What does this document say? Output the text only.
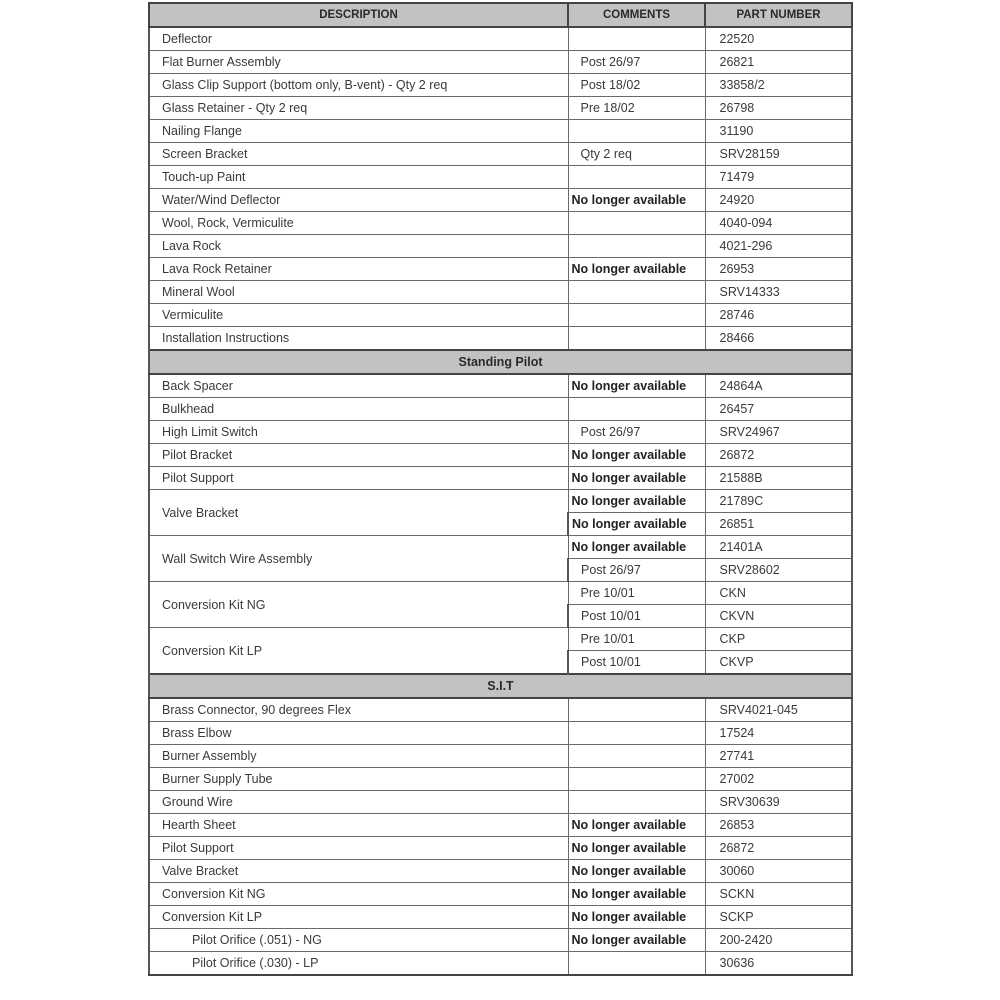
DESCRIPTION	COMMENTS	PART NUMBER
Deflector		22520
Flat Burner Assembly	Post 26/97	26821
Glass Clip Support (bottom only, B-vent) - Qty 2 req	Post 18/02	33858/2
Glass Retainer - Qty 2 req	Pre 18/02	26798
Nailing Flange		31190
Screen Bracket	Qty 2 req	SRV28159
Touch-up Paint		71479
Water/Wind Deflector	No longer available	24920
Wool, Rock, Vermiculite		4040-094
Lava Rock		4021-296
Lava Rock Retainer	No longer available	26953
Mineral Wool		SRV14333
Vermiculite		28746
Installation Instructions		28466
Standing Pilot		
Back Spacer	No longer available	24864A
Bulkhead		26457
High Limit Switch	Post 26/97	SRV24967
Pilot Bracket	No longer available	26872
Pilot Support	No longer available	21588B
Valve Bracket	No longer available	21789C
	No longer available	26851
Wall Switch Wire Assembly	No longer available	21401A
	Post 26/97	SRV28602
Conversion Kit NG	Pre 10/01	CKN
	Post 10/01	CKVN
Conversion Kit LP	Pre 10/01	CKP
	Post 10/01	CKVP
S.I.T		
Brass Connector, 90 degrees Flex		SRV4021-045
Brass Elbow		17524
Burner Assembly		27741
Burner Supply Tube		27002
Ground Wire		SRV30639
Hearth Sheet	No longer available	26853
Pilot Support	No longer available	26872
Valve Bracket	No longer available	30060
Conversion Kit NG	No longer available	SCKN
Conversion Kit LP	No longer available	SCKP
Pilot Orifice (.051) - NG	No longer available	200-2420
Pilot Orifice (.030) - LP		30636
